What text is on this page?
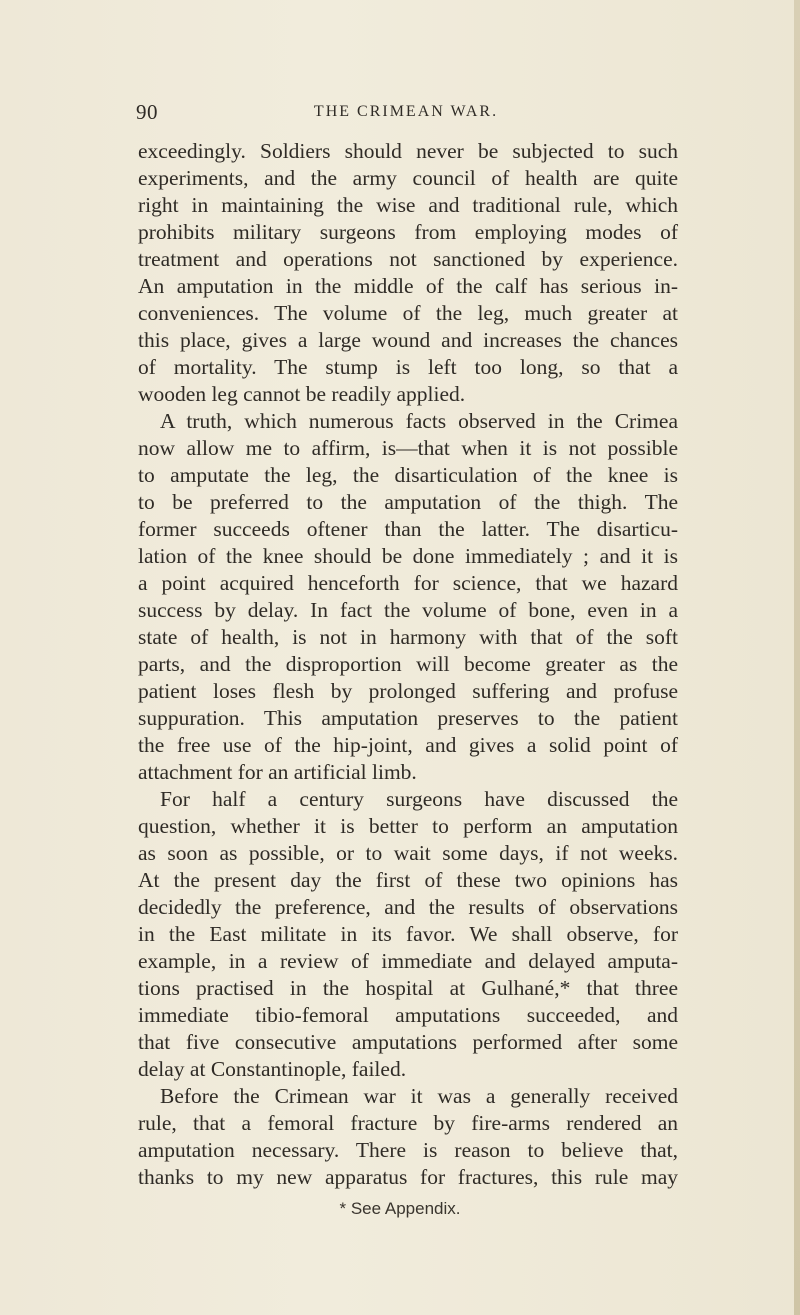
90	THE CRIMEAN WAR.
exceedingly. Soldiers should never be subjected to such
experiments, and the army council of health are quite
right in maintaining the wise and traditional rule, which
prohibits military surgeons from employing modes of
treatment and operations not sanctioned by experience.
An amputation in the middle of the calf has serious in-
conveniences. The volume of the leg, much greater at
this place, gives a large wound and increases the chances
of mortality. The stump is left too long, so that a
wooden leg cannot be readily applied.
A truth, which numerous facts observed in the Crimea
now allow me to affirm, is—that when it is not possible
to amputate the leg, the disarticulation of the knee is
to be preferred to the amputation of the thigh. The
former succeeds oftener than the latter. The disarticu-
lation of the knee should be done immediately ; and it is
a point acquired henceforth for science, that we hazard
success by delay. In fact the volume of bone, even in a
state of health, is not in harmony with that of the soft
parts, and the disproportion will become greater as the
patient loses flesh by prolonged suffering and profuse
suppuration. This amputation preserves to the patient
the free use of the hip-joint, and gives a solid point of
attachment for an artificial limb.
For half a century surgeons have discussed the
question, whether it is better to perform an amputation
as soon as possible, or to wait some days, if not weeks.
At the present day the first of these two opinions has
decidedly the preference, and the results of observations
in the East militate in its favor. We shall observe, for
example, in a review of immediate and delayed amputa-
tions practised in the hospital at Gulhané,* that three
immediate tibio-femoral amputations succeeded, and
that five consecutive amputations performed after some
delay at Constantinople, failed.
Before the Crimean war it was a generally received
rule, that a femoral fracture by fire-arms rendered an
amputation necessary. There is reason to believe that,
thanks to my new apparatus for fractures, this rule may
* See Appendix.
